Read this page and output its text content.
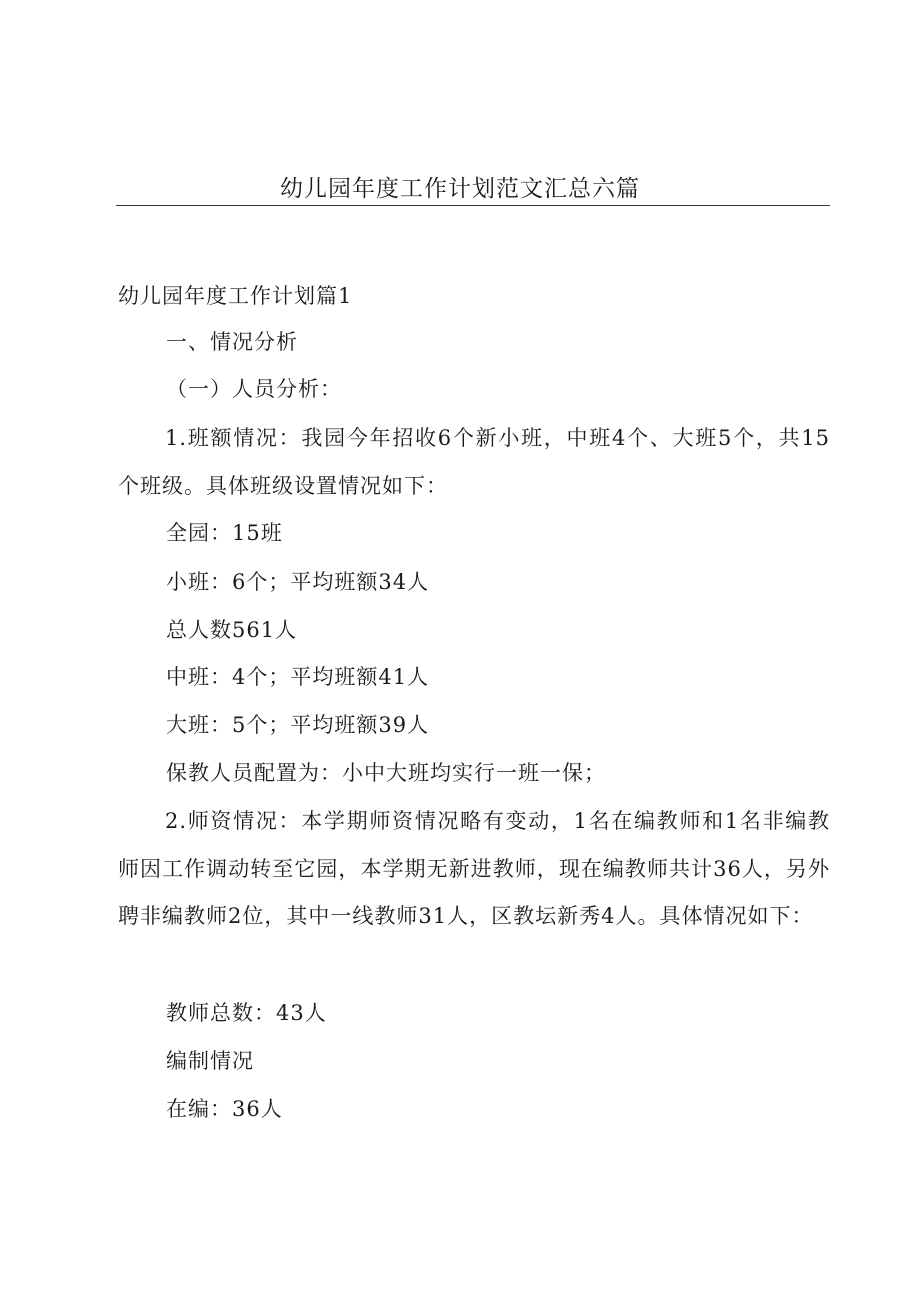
幼儿园年度工作计划范文汇总六篇

幼儿园年度工作计划篇1

一、情况分析

（一）人员分析：

1.班额情况：我园今年招收6个新小班，中班4个、大班5个，共15个班级。具体班级设置情况如下：

全园：15班

小班：6个；平均班额34人

总人数561人

中班：4个；平均班额41人

大班：5个；平均班额39人

保教人员配置为：小中大班均实行一班一保；

2.师资情况：本学期师资情况略有变动，1名在编教师和1名非编教师因工作调动转至它园，本学期无新进教师，现在编教师共计36人，另外聘非编教师2位，其中一线教师31人，区教坛新秀4人。具体情况如下：

教师总数：43人

编制情况

在编：36人
